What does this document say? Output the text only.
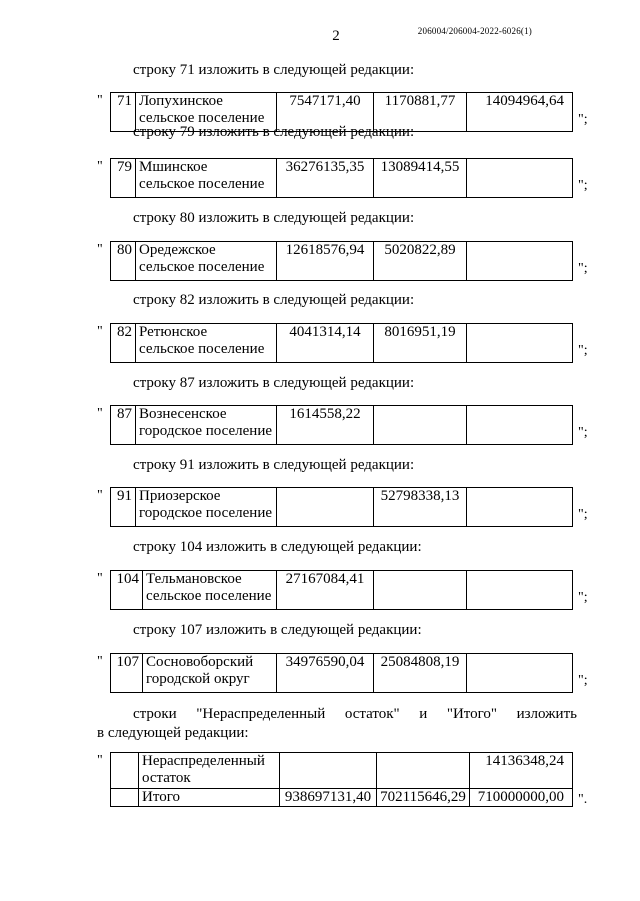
206004/206004-2022-6026(1)
2
строку 71 изложить в следующей редакции:
" 71	Лопухинское
сельское поселение	7547171,40	1170881,77	14094964,64
";
строку 79 изложить в следующей редакции:
" 79	Мшинское
сельское поселение	36276135,35	13089414,55	
";
строку 80 изложить в следующей редакции:
" 80	Оредежское
сельское поселение	12618576,94	5020822,89	
";
строку 82 изложить в следующей редакции:
" 82	Ретюнское
сельское поселение	4041314,14	8016951,19	
";
строку 87 изложить в следующей редакции:
" 87	Вознесенское
городское поселение	1614558,22		
";
строку 91 изложить в следующей редакции:
" 91	Приозерское
городское поселение		52798338,13	
";
строку 104 изложить в следующей редакции:
" 104	Тельмановское
сельское поселение	27167084,41		
";
строку 107 изложить в следующей редакции:
" 107	Сосновоборский
городской округ	34976590,04	25084808,19	
";
строки "Нераспределенный остаток" и "Итого" изложить
в следующей редакции:
"
		Нераспределенный
остаток			14136348,24
	Итого	938697131,40	702115646,29	710000000,00 ".
